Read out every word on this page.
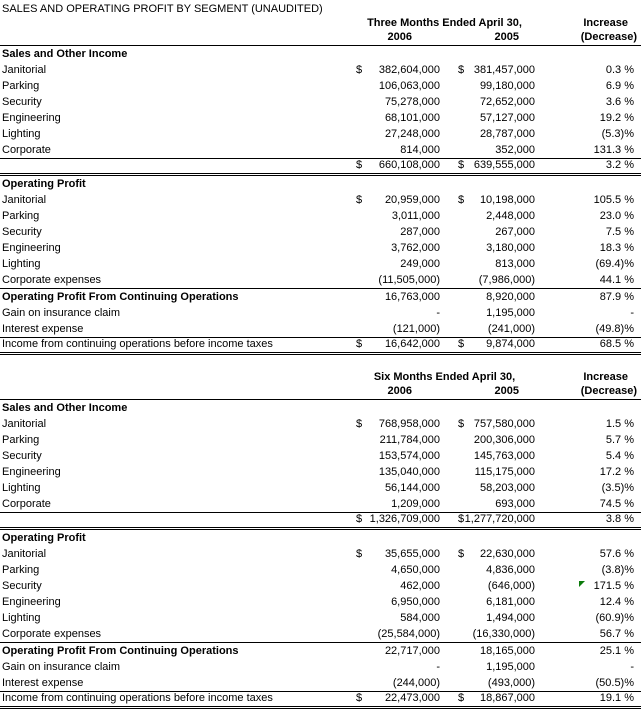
SALES AND OPERATING PROFIT BY SEGMENT (UNAUDITED)
	Three Months Ended April 30,		Increase
	2006	2005	(Decrease)
Sales and Other Income	

Janitorial	$ 382,604,000	$ 381,457,000	0.3 %
Parking	106,063,000	99,180,000	6.9 %
Security	75,278,000	72,652,000	3.6 %
Engineering	68,101,000	57,127,000	19.2 %
Lighting	27,248,000	28,787,000	(5.3)%
Corporate	814,000	352,000	131.3 %

	$ 660,108,000	$ 639,555,000	3.2 %
Operating Profit	

Janitorial	$ 20,959,000	$ 10,198,000	105.5 %
Parking	3,011,000	2,448,000	23.0 %
Security	287,000	267,000	7.5 %
Engineering	3,762,000	3,180,000	18.3 %
Lighting	249,000	813,000	(69.4)%
Corporate expenses	(11,505,000)	(7,986,000)	44.1 %
Operating Profit From Continuing Operations	16,763,000	8,920,000	87.9 %
Gain on insurance claim	-	1,195,000	-
Interest expense	(121,000)	(241,000)	(49.8)%
Income from continuing operations before income taxes	$ 16,642,000	$ 9,874,000	68.5 %
	Six Months Ended April 30,		Increase
	2006	2005	(Decrease)
Sales and Other Income	

Janitorial	$ 768,958,000	$ 757,580,000	1.5 %
Parking	211,784,000	200,306,000	5.7 %
Security	153,574,000	145,763,000	5.4 %
Engineering	135,040,000	115,175,000	17.2 %
Lighting	56,144,000	58,203,000	(3.5)%
Corporate	1,209,000	693,000	74.5 %

	$ 1,326,709,000	$ 1,277,720,000	3.8 %
Operating Profit	

Janitorial	$ 35,655,000	$ 22,630,000	57.6 %
Parking	4,650,000	4,836,000	(3.8)%
Security	462,000	(646,000)	171.5 %
Engineering	6,950,000	6,181,000	12.4 %
Lighting	584,000	1,494,000	(60.9)%
Corporate expenses	(25,584,000)	(16,330,000)	56.7 %
Operating Profit From Continuing Operations	22,717,000	18,165,000	25.1 %
Gain on insurance claim	-	1,195,000	-
Interest expense	(244,000)	(493,000)	(50.5)%
Income from continuing operations before income taxes	$ 22,473,000	$ 18,867,000	19.1 %
